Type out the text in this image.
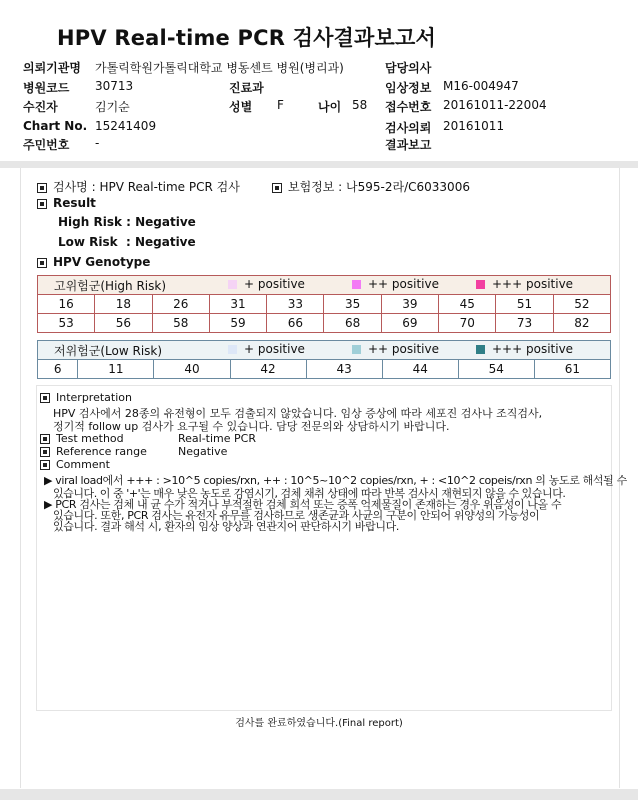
HPV Real-time PCR 검사결과보고서
의뢰기관명 가톨릭학원가톨릭대학교 병동센트 병원(병리과)
병원코드 30713	진료과
수진자	김기순	성별 F	나이 58
Chart No. 15241409
주민번호 -
담당의사
임상정보 M16-004947
접수번호 20161011-22004
검사의뢰 20161011
결과보고
검사명 : HPV Real-time PCR 검사	보험정보 : 나595-2라/C6033006
Result
High Risk : Negative
Low Risk  : Negative
HPV Genotype
고위험군(High Risk)	+ positive	++ positive	+++ positive
16	18	26	31	33	35	39	45	51	52
53	56	58	59	66	68	69	70	73	82
저위험군(Low Risk)	+ positive	++ positive	+++ positive
6	11	40	42	43	44	54	61
Interpretation
HPV 검사에서 28종의 유전형이 모두 검출되지 않았습니다. 임상 증상에 따라 세포진 검사나 조직검사,
정기적 follow up 검사가 요구될 수 있습니다. 담당 전문의와 상담하시기 바랍니다.
Test method	Real-time PCR
Reference range	Negative
Comment
▶ viral load에서 +++ : >10^5 copies/rxn, ++ : 10^5~10^2 copies/rxn, + : <10^2 copeis/rxn 의 농도로 해석될 수
있습니다. 이 중 '+'는 매우 낮은 농도로 감염시기, 검체 채취 상태에 따라 반복 검사시 재현되지 않을 수 있습니다.
▶ PCR 검사는 검체 내 균 수가 적거나 부적절한 검체 희석 또는 증폭 억제물질이 존재하는 경우 위음성이 나올 수
있습니다. 또한, PCR 검사는 유전자 유무를 검사하므로 생존균과 사균의 구분이 안되어 위양성의 가능성이
있습니다. 결과 해석 시, 환자의 임상 양상과 연관지어 판단하시기 바랍니다.
검사를 완료하였습니다.(Final report)
